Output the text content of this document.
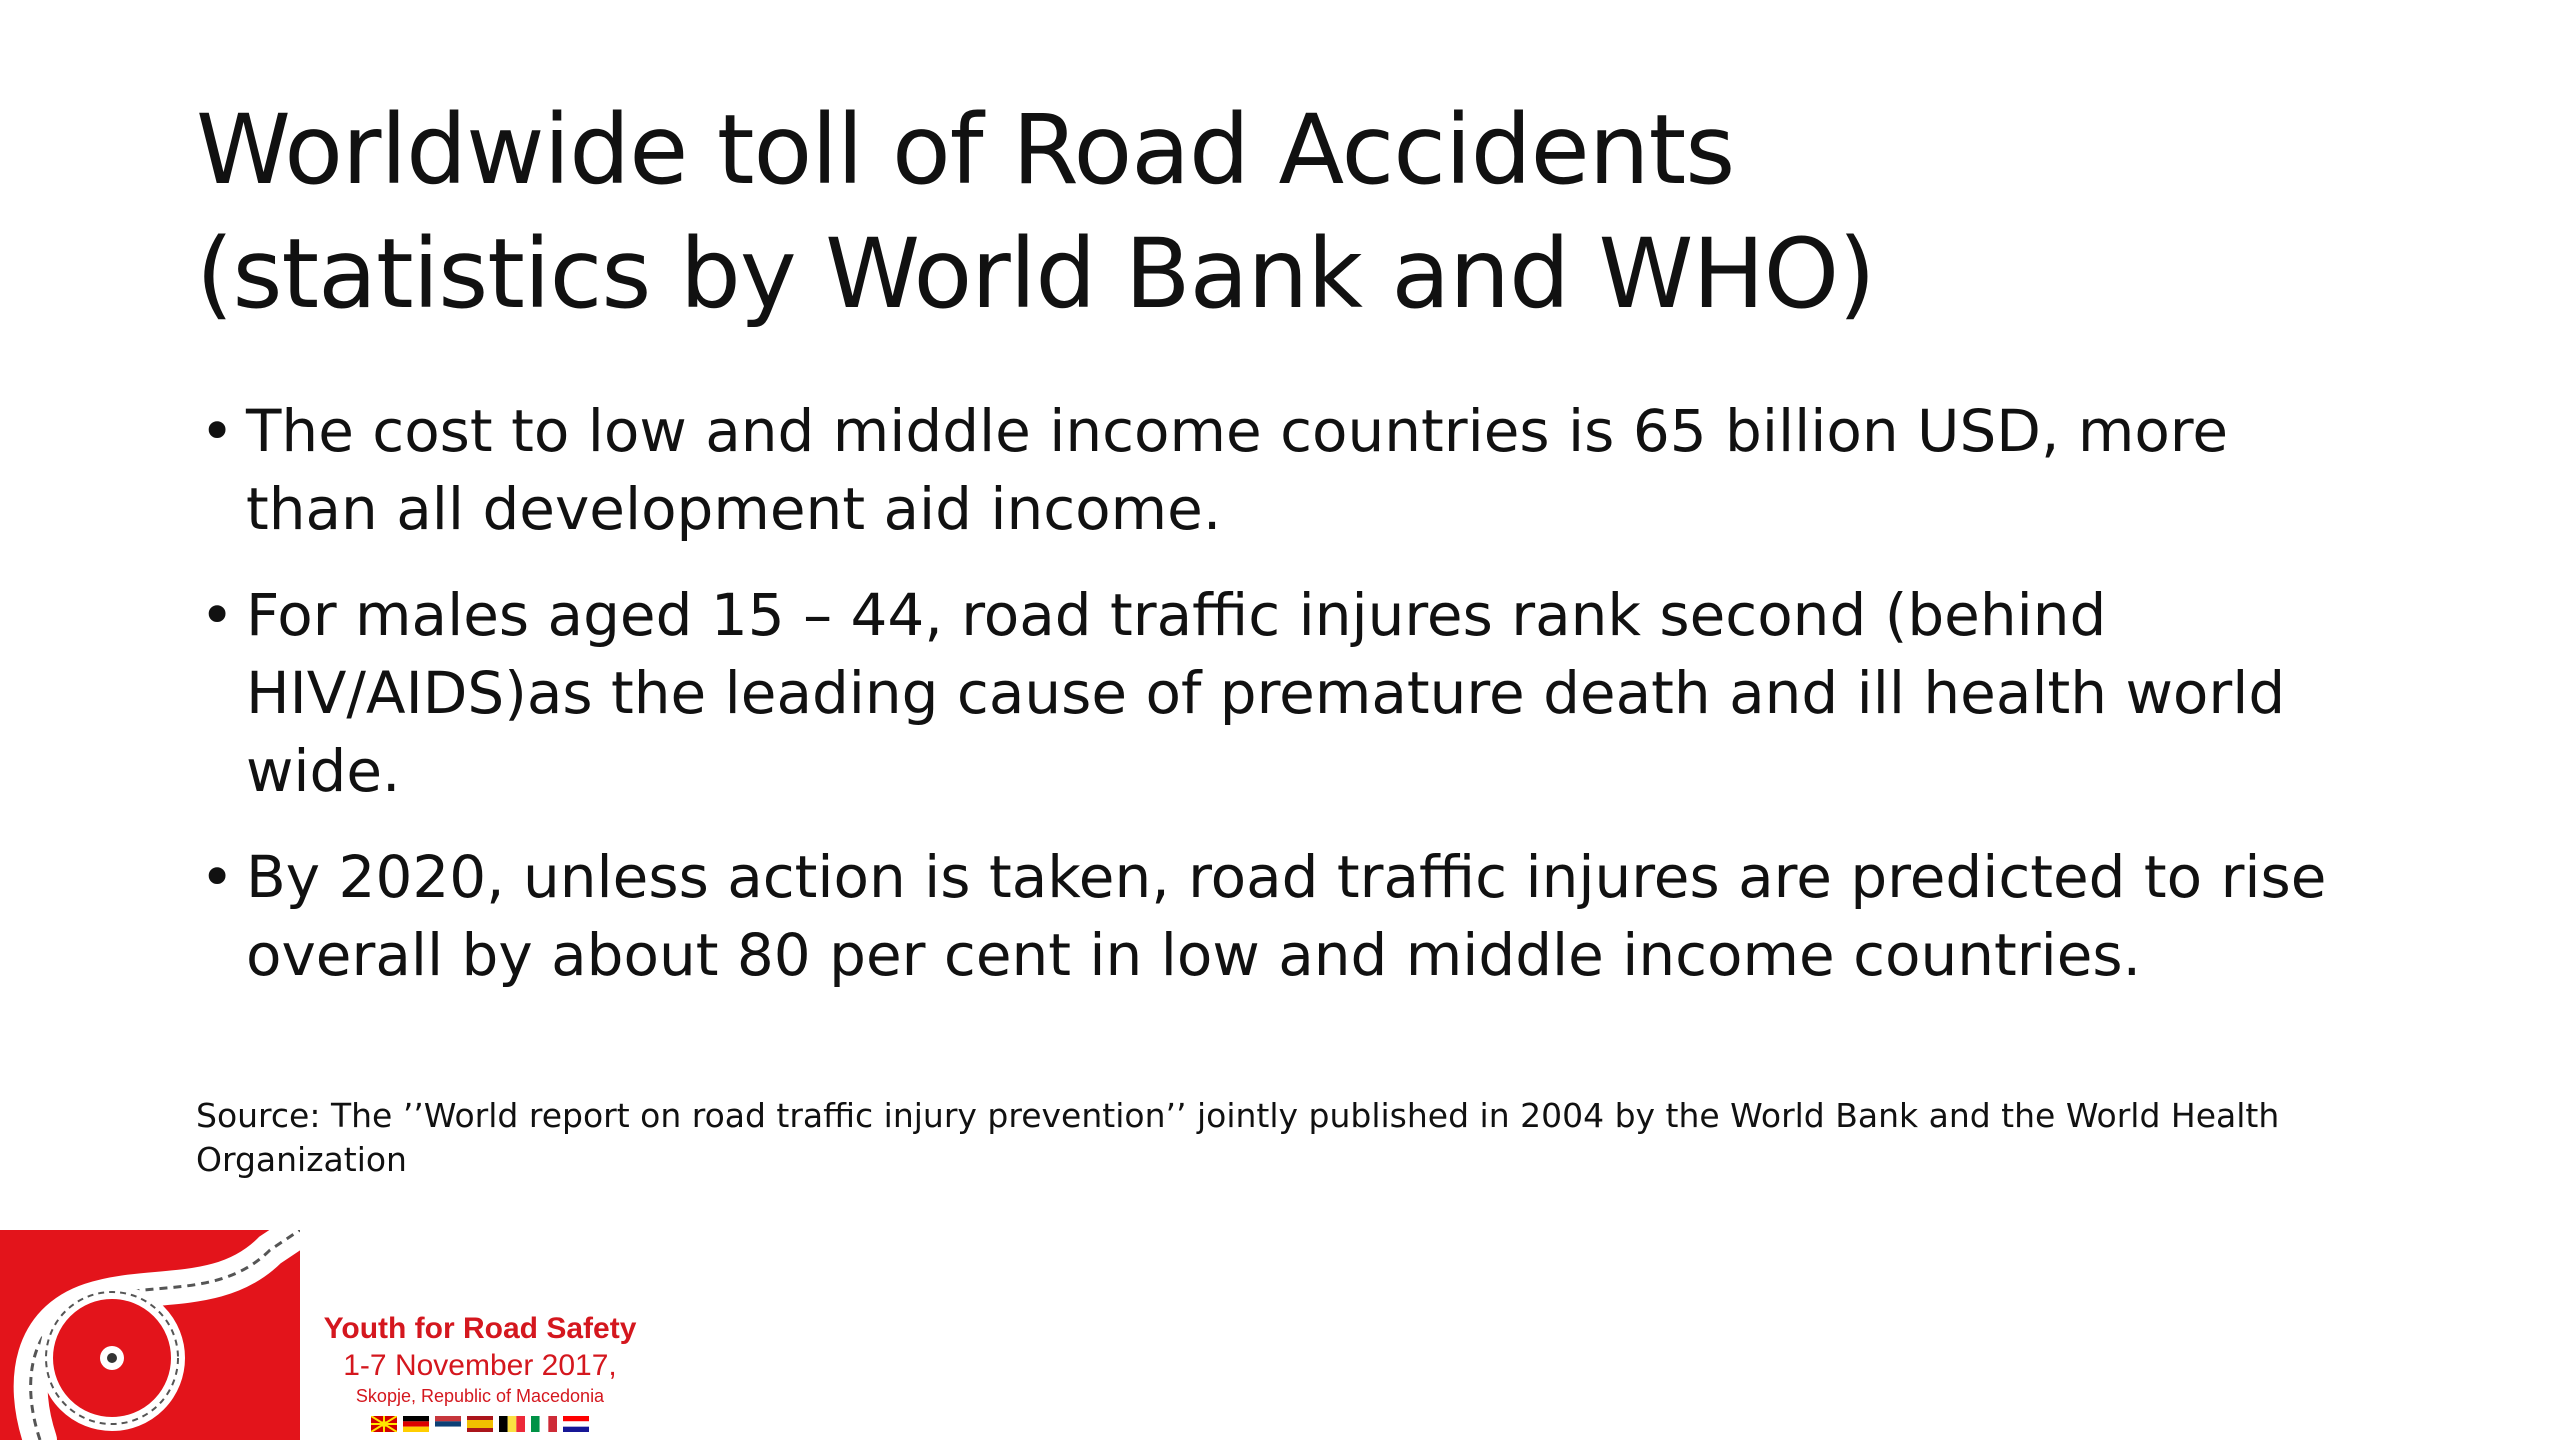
Worldwide toll of Road Accidents
(statistics by World Bank and WHO)
• The cost to low and middle income countries is 65 billion USD, more than all development aid income.
• For males aged 15 – 44, road traffic injures rank second (behind HIV/AIDS)as the leading cause of premature death and ill health world wide.
• By 2020, unless action is taken, road traffic injures are predicted to rise overall by about 80 per cent in low and middle income countries.
Source: The ’’World report on road traffic injury prevention’’ jointly published in 2004 by the World Bank and the World Health Organization
Youth for Road Safety
1-7 November 2017,
Skopje, Republic of Macedonia
